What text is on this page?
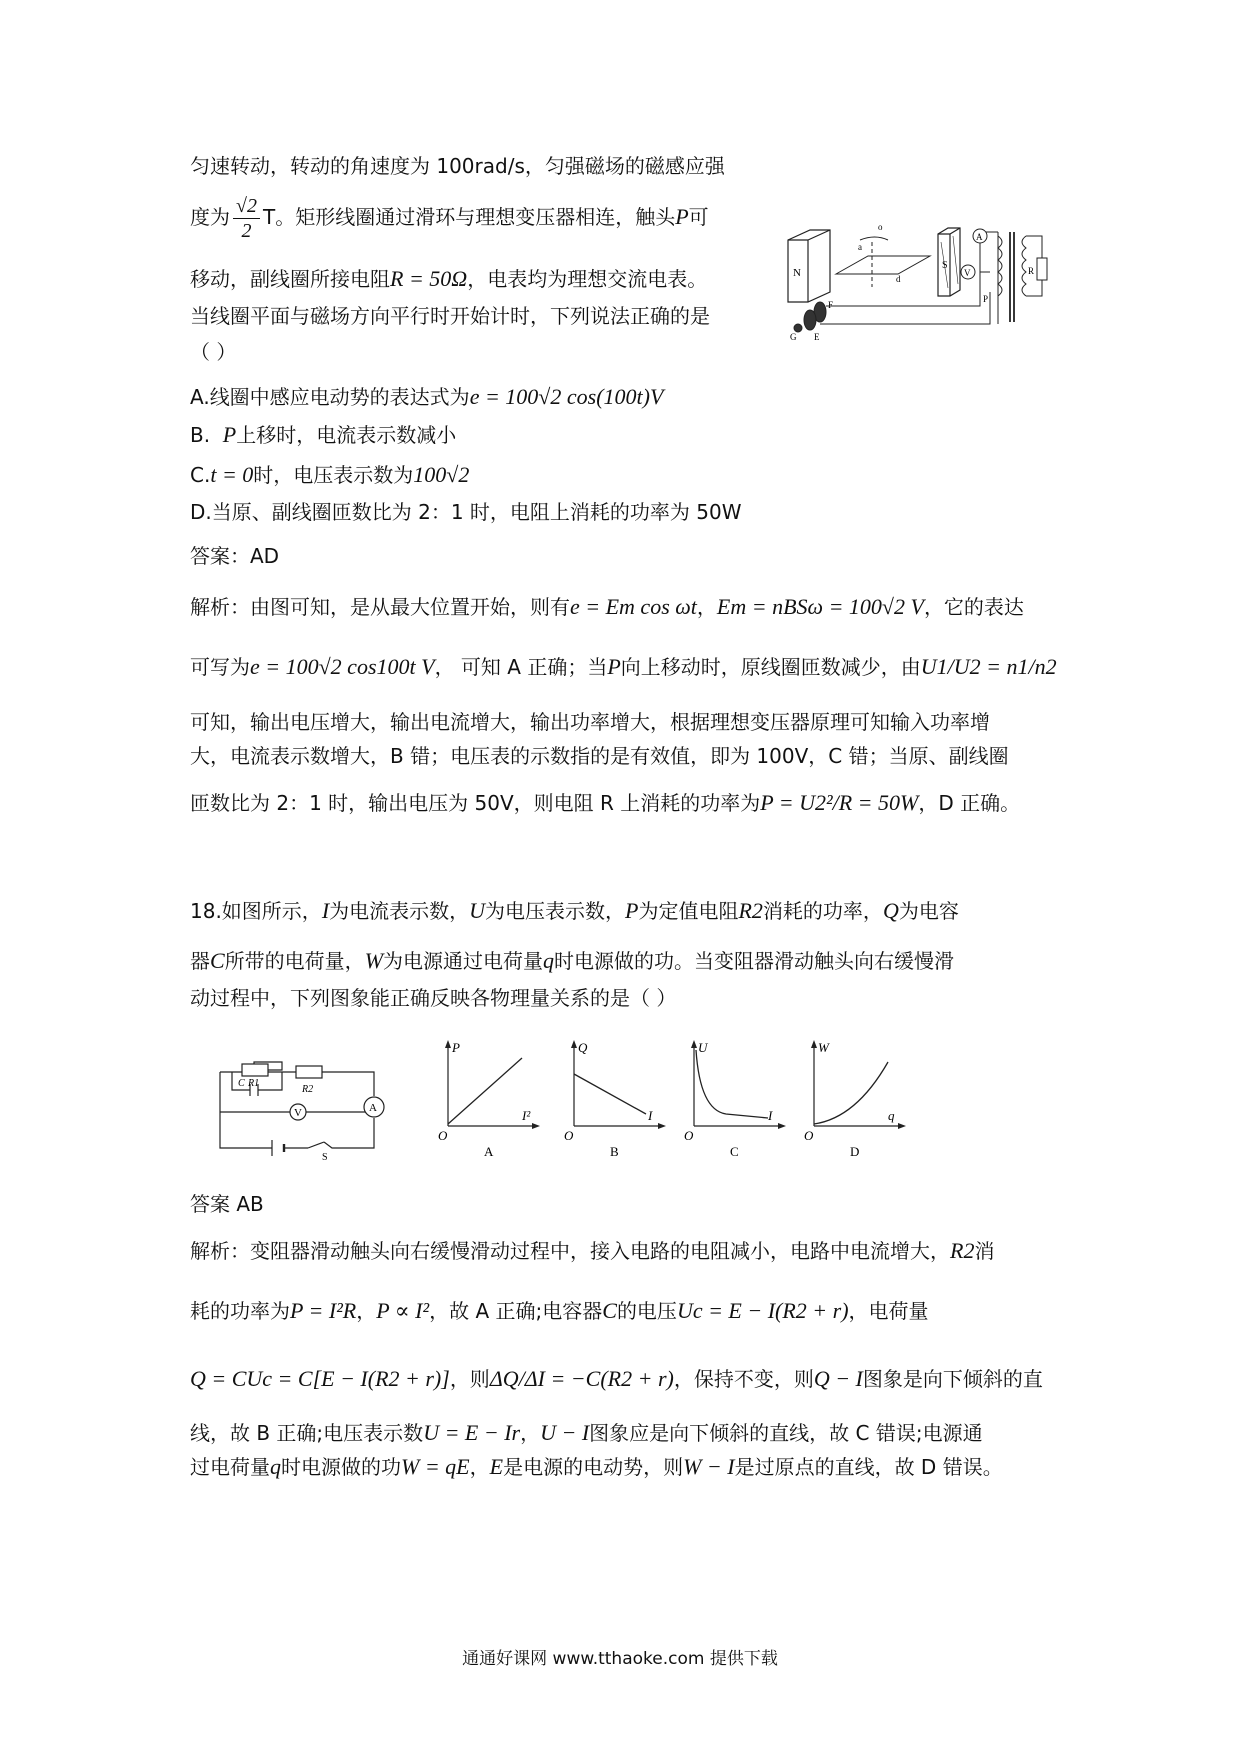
匀速转动，转动的角速度为 100rad/s，匀强磁场的磁感应强
度为 $\frac{√2}{2}$ T。矩形线圈通过滑环与理想变压器相连，触头P可
移动，副线圈所接电阻R = 50Ω，电表均为理想交流电表。
当线圈平面与磁场方向平行时开始计时，下列说法正确的是
（ ）
A.线圈中感应电动势的表达式为e = 100√2 cos(100t)V
B. P上移时，电流表示数减小
C.t = 0时，电压表示数为100√2
D.当原、副线圈匝数比为 2：1 时，电阻上消耗的功率为 50W
答案：AD
解析：由图可知，是从最大位置开始，则有e = Em cos ωt，Em = nBSω = 100√2 V，它的表达
可写为e = 100√2 cos100t V， 可知 A 正确；当P向上移动时，原线圈匝数减少，由U1/U2 = n1/n2
可知，输出电压增大，输出电流增大，输出功率增大，根据理想变压器原理可知输入功率增
大，电流表示数增大，B 错；电压表的示数指的是有效值，即为 100V，C 错；当原、副线圈
匝数比为 2：1 时，输出电压为 50V，则电阻 R 上消耗的功率为P = U2²/R = 50W，D 正确。
N
a
o
d
S
G E
F
A
V
P
R
18.如图所示，I为电流表示数，U为电压表示数，P为定值电阻R2消耗的功率，Q为电容
器C所带的电荷量，W为电源通过电荷量q时电源做的功。当变阻器滑动触头向右缓慢滑
动过程中，下列图象能正确反映各物理量关系的是（ ）
V	A
C R1
R2
S
P
I²
O
A
Q
I
O
B
U
I
O
C
W
q
O
D
答案 AB
解析：变阻器滑动触头向右缓慢滑动过程中，接入电路的电阻减小，电路中电流增大，R2消
耗的功率为P = I²R，P ∝ I²，故 A 正确;电容器C的电压Uc = E − I(R2 + r)，电荷量
Q = CUc = C[E − I(R2 + r)]，则ΔQ/ΔI = −C(R2 + r)，保持不变，则Q − I图象是向下倾斜的直
线，故 B 正确;电压表示数U = E − Ir，U − I图象应是向下倾斜的直线，故 C 错误;电源通
过电荷量q时电源做的功W = qE，E是电源的电动势，则W − I是过原点的直线，故 D 错误。
通通好课网 www.tthaoke.com 提供下载
